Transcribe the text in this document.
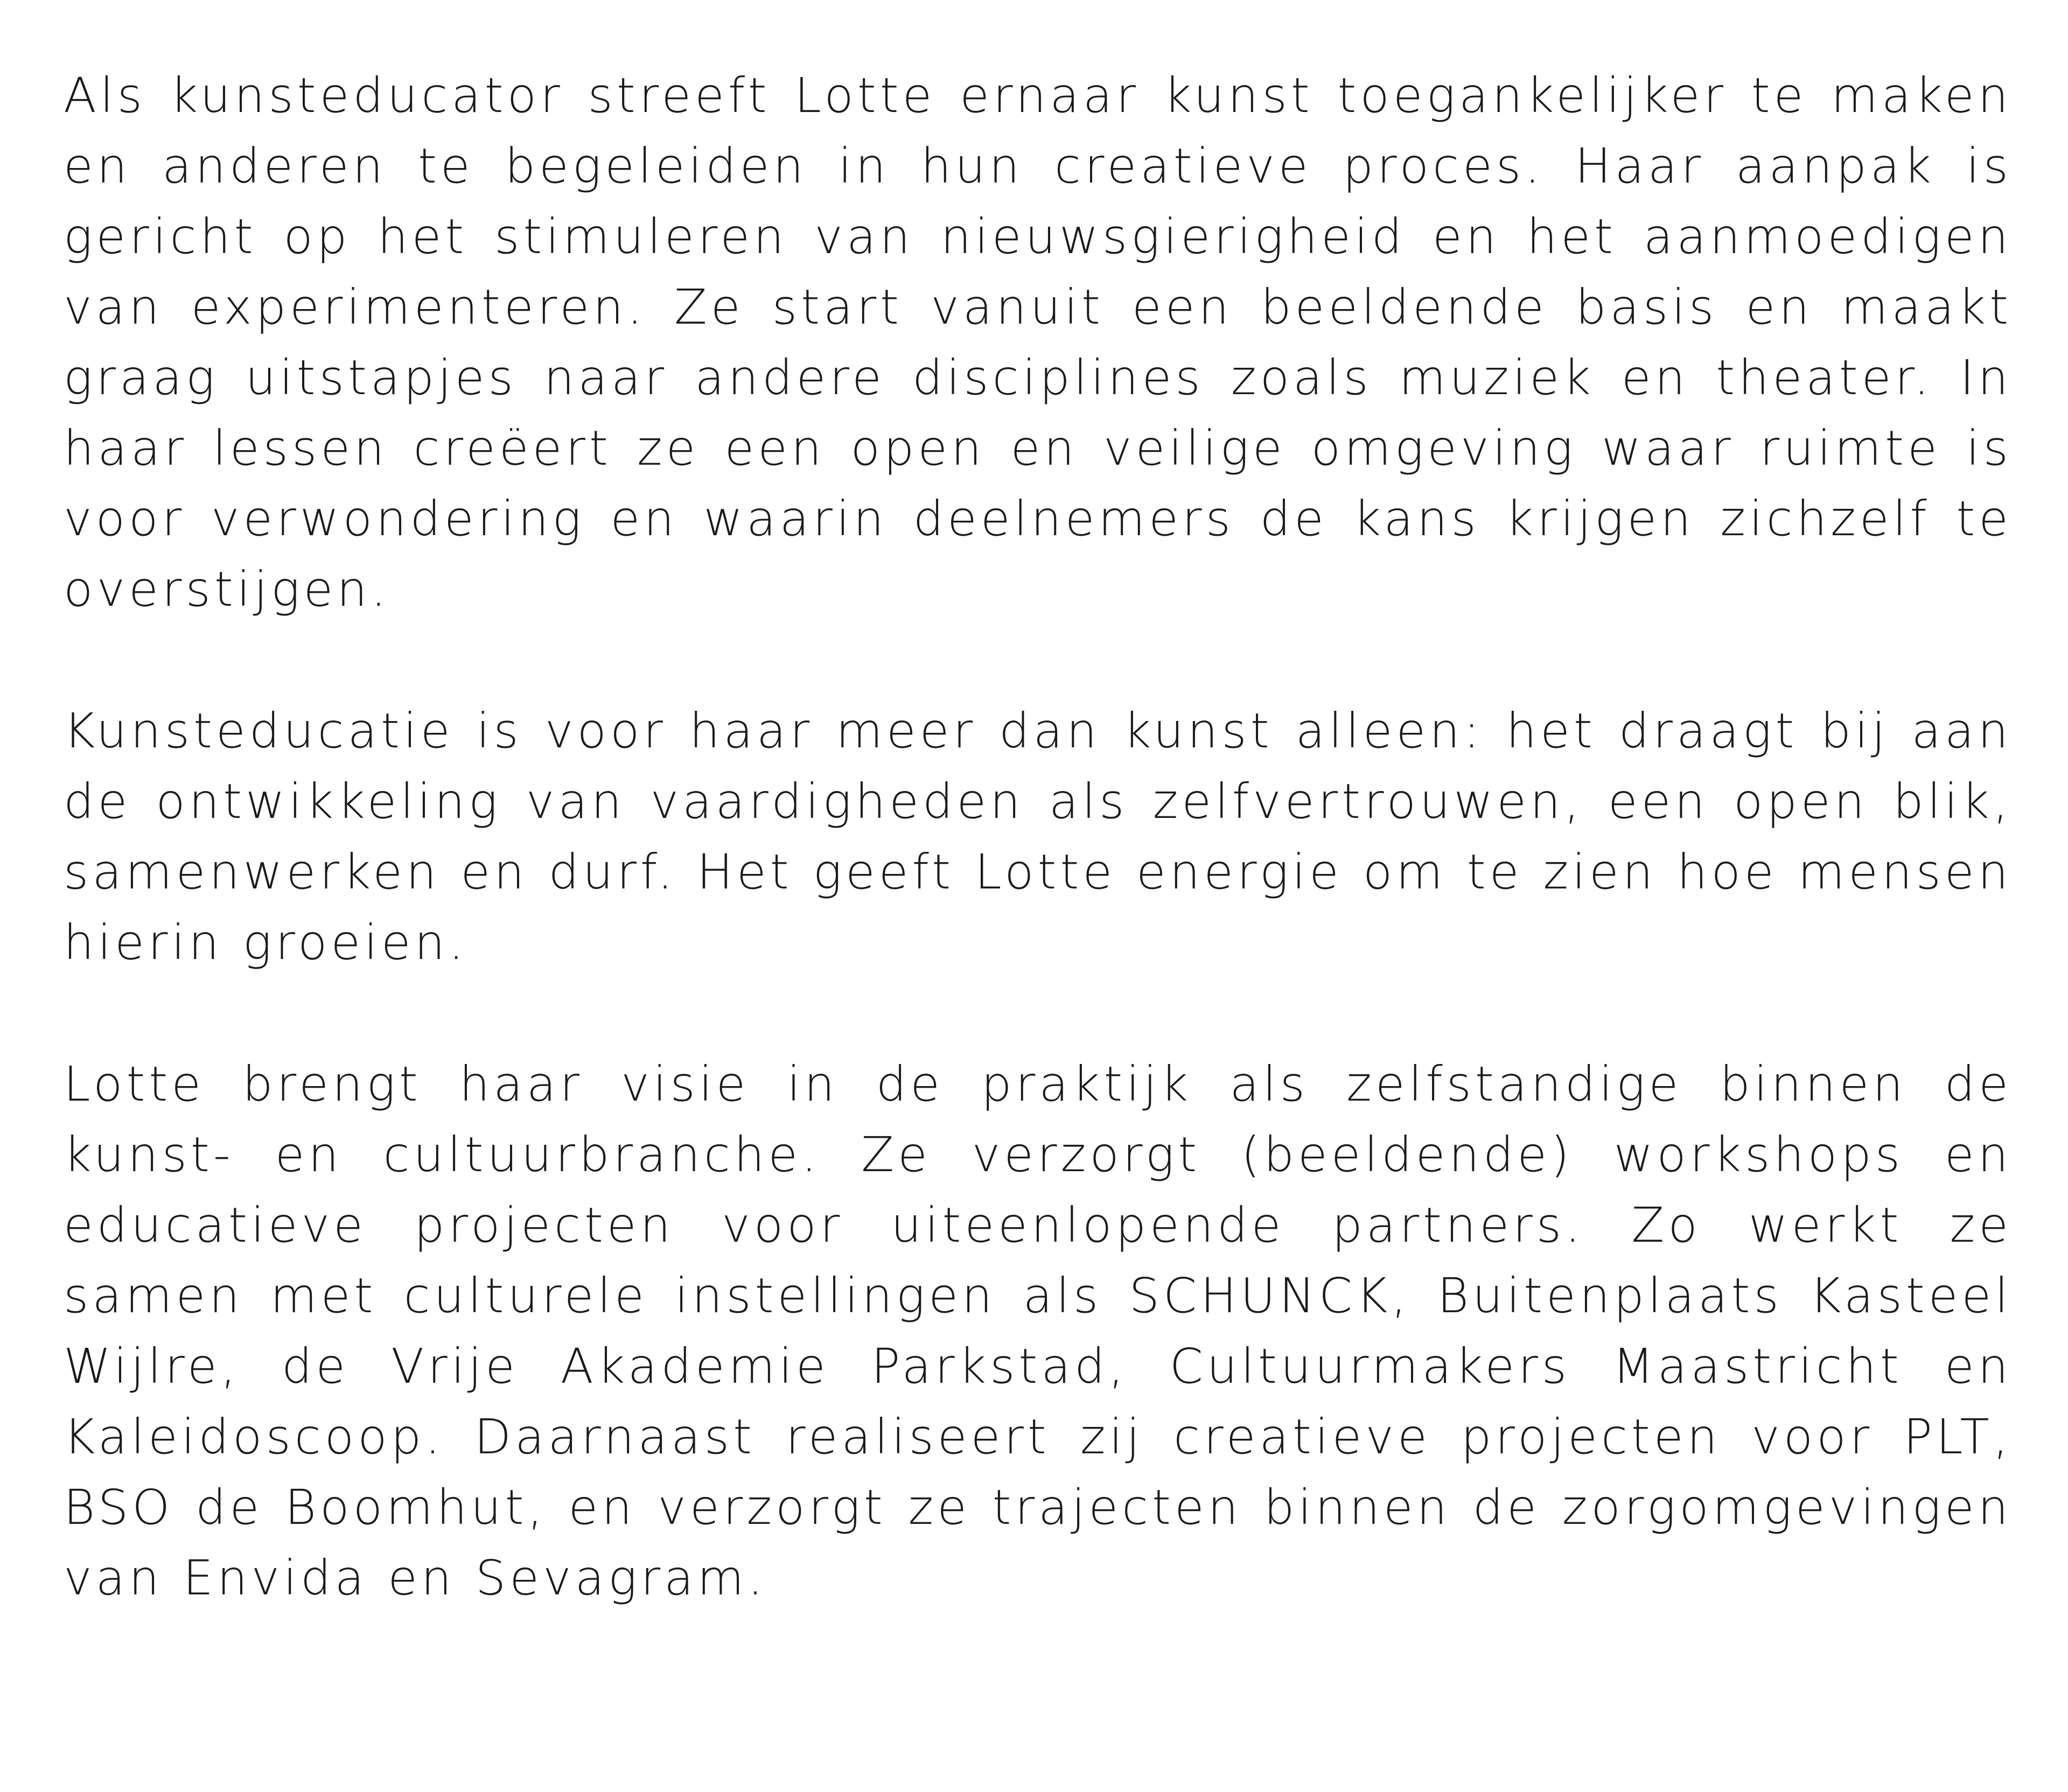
Als kunsteducator streeft Lotte ernaar kunst toegankelijker te maken en anderen te begeleiden in hun creatieve proces. Haar aanpak is gericht op het stimuleren van nieuwsgierigheid en het aanmoedigen van experimenteren. Ze start vanuit een beeldende basis en maakt graag uitstapjes naar andere disciplines zoals muziek en theater. In haar lessen creëert ze een open en veilige omgeving waar ruimte is voor verwondering en waarin deelnemers de kans krijgen zichzelf te overstijgen.

Kunsteducatie is voor haar meer dan kunst alleen: het draagt bij aan de ontwikkeling van vaardigheden als zelfvertrouwen, een open blik, samenwerken en durf. Het geeft Lotte energie om te zien hoe mensen hierin groeien.

Lotte brengt haar visie in de praktijk als zelfstandige binnen de kunst- en cultuurbranche. Ze verzorgt (beeldende) workshops en educatieve projecten voor uiteenlopende partners. Zo werkt ze samen met culturele instellingen als SCHUNCK, Buitenplaats Kasteel Wijlre, de Vrije Akademie Parkstad, Cultuurmakers Maastricht en Kaleidoscoop. Daarnaast realiseert zij creatieve projecten voor PLT, BSO de Boomhut, en verzorgt ze trajecten binnen de zorgomgevingen van Envida en Sevagram.
